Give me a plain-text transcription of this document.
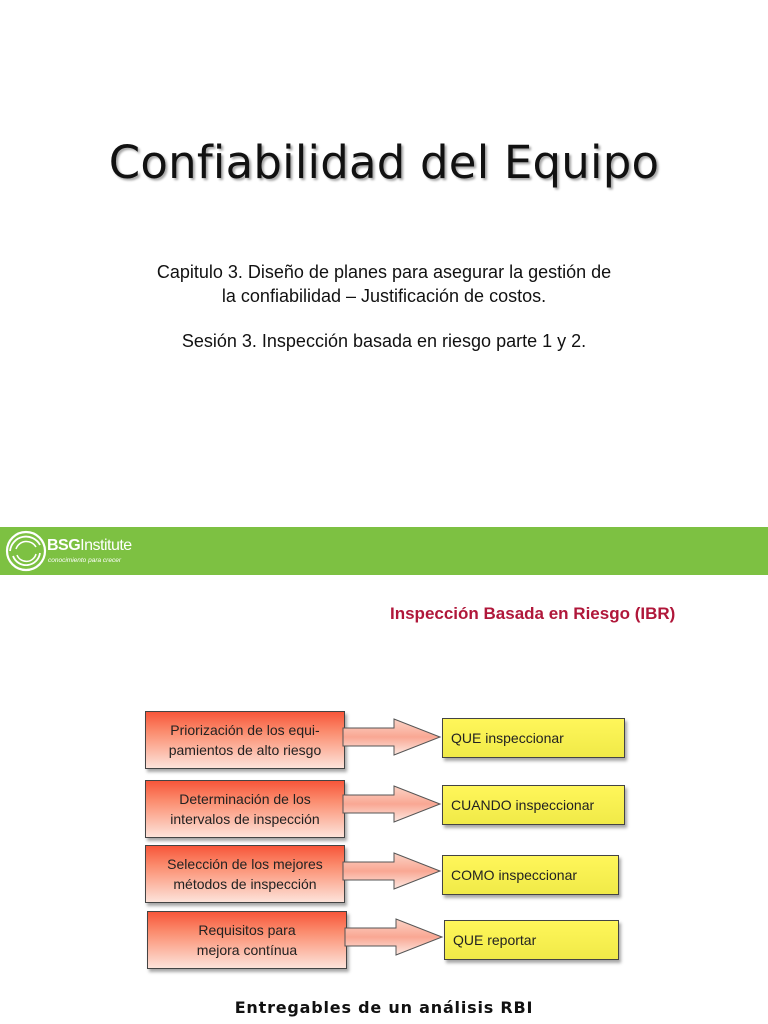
Confiabilidad del Equipo
Capitulo 3. Diseño de planes para asegurar la gestión de
la confiabilidad – Justificación de costos.
Sesión 3. Inspección basada en riesgo parte 1 y 2.
BSGInstitute
conocimiento para crecer
Inspección Basada en Riesgo (IBR)
Priorización de los equi-
pamientos de alto riesgo
QUE inspeccionar
Determinación de los
intervalos de inspección
CUANDO inspeccionar
Selección de los mejores
métodos de inspección
COMO inspeccionar
Requisitos para
mejora contínua
QUE reportar
Entregables de un análisis RBI
